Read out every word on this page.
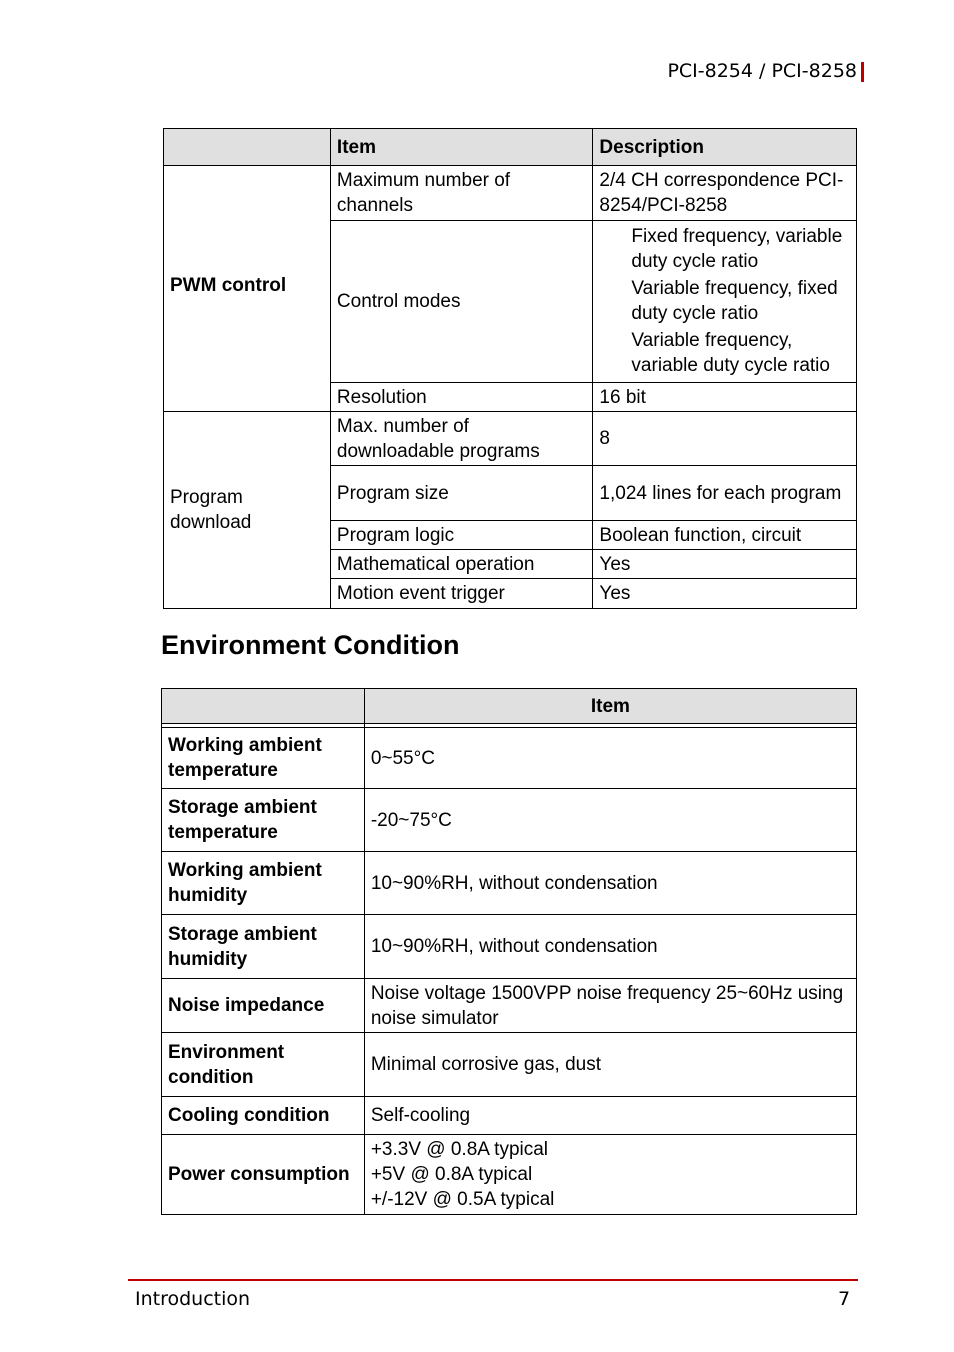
PCI-8254 / PCI-8258
	Item	Description
PWM control	Maximum number of channels	2/4 CH correspondence PCI-8254/PCI-8258
	Control modes	Fixed frequency, variable duty cycle ratio
Variable frequency, fixed duty cycle ratio
Variable frequency, variable duty cycle ratio

	Resolution	16 bit
Program download	Max. number of downloadable programs	8
	Program size	1,024 lines for each program
	Program logic	Boolean function, circuit
	Mathematical operation	Yes
	Motion event trigger	Yes
Environment Condition
	Item

Working ambient temperature	0~55°C
Storage ambient temperature	-20~75°C
Working ambient humidity	10~90%RH, without condensation
Storage ambient humidity	10~90%RH, without condensation
Noise impedance	Noise voltage 1500VPP noise frequency 25~60Hz using noise simulator
Environment condition	Minimal corrosive gas, dust
Cooling condition	Self-cooling
Power consumption	+3.3V @ 0.8A typical
+5V @ 0.8A typical
+/-12V @ 0.5A typical
Introduction	7
